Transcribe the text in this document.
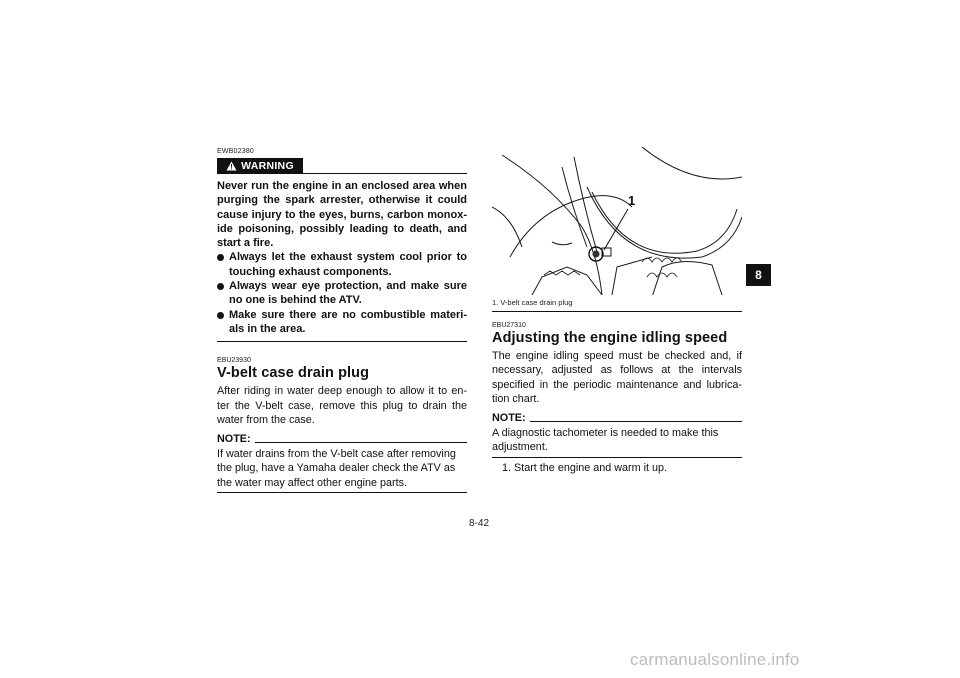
EWB02380
WARNING
Never run the engine in an enclosed area when purging the spark arrester, otherwise it could cause injury to the eyes, burns, carbon monox-ide poisoning, possibly leading to death, and start a fire.
Always let the exhaust system cool prior to touching exhaust components.
Always wear eye protection, and make sure no one is behind the ATV.
Make sure there are no combustible materi-als in the area.
EBU23930
V-belt case drain plug
After riding in water deep enough to allow it to en-ter the V-belt case, remove this plug to drain the water from the case.
NOTE:
If water drains from the V-belt case after removing the plug, have a Yamaha dealer check the ATV as the water may affect other engine parts.
1
1. V-belt case drain plug
EBU27310
Adjusting the engine idling speed
The engine idling speed must be checked and, if necessary, adjusted as follows at the intervals specified in the periodic maintenance and lubrica-tion chart.
NOTE:
A diagnostic tachometer is needed to make this adjustment.
1. Start the engine and warm it up.
8
8-42
carmanualsonline.info
